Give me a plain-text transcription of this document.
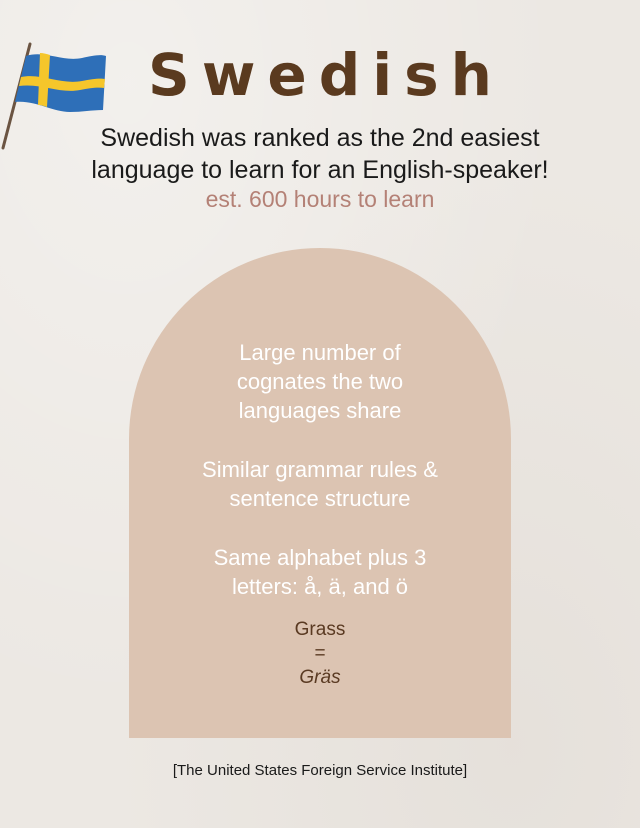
Swedish
Swedish was ranked as the 2nd easiest
language to learn for an English-speaker!
est. 600 hours to learn
Large number of
cognates the two
languages share
Similar grammar rules &
sentence structure
Same alphabet plus 3
letters: å, ä, and ö
Grass
=
Gräs
[The United States Foreign Service Institute]
